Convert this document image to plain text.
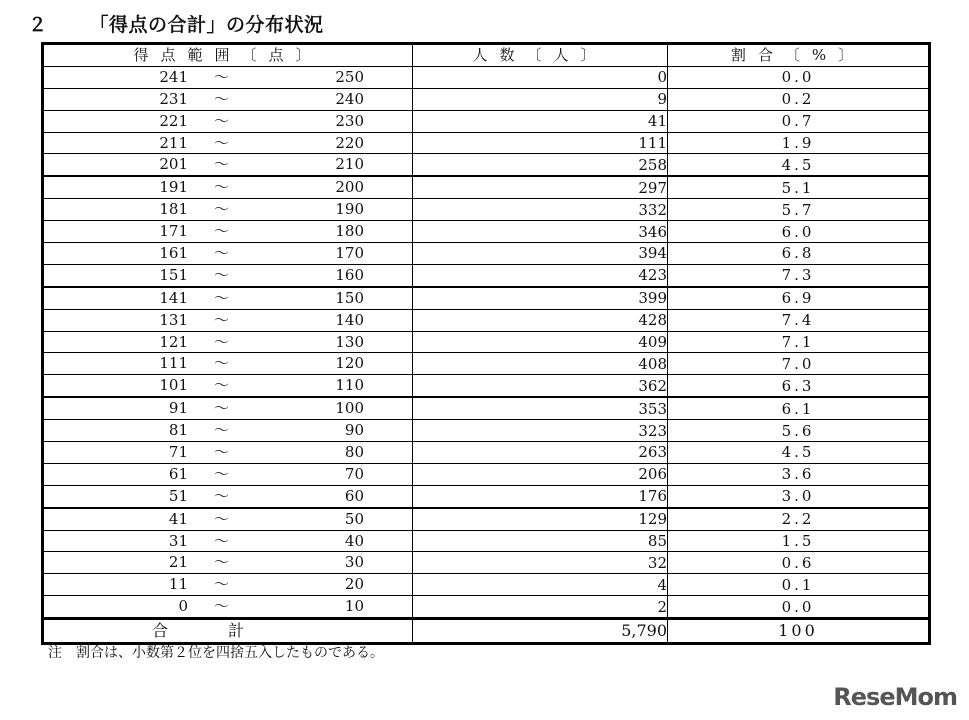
２ 「得点の合計」の分布状況
得点範囲〔点〕	人数〔人〕	割合〔%〕

241 ～ 250	0	0.0

231 ～ 240	9	0.2

221 ～ 230	41	0.7

211 ～ 220	111	1.9

201 ～ 210	258	4.5

191 ～ 200	297	5.1

181 ～ 190	332	5.7

171 ～ 180	346	6.0

161 ～ 170	394	6.8

151 ～ 160	423	7.3

141 ～ 150	399	6.9

131 ～ 140	428	7.4

121 ～ 130	409	7.1

111 ～ 120	408	7.0

101 ～ 110	362	6.3

91 ～ 100	353	6.1

81 ～ 90	323	5.6

71 ～ 80	263	4.5

61 ～ 70	206	3.6

51 ～ 60	176	3.0

41 ～ 50	129	2.2

31 ～ 40	85	1.5

21 ～ 30	32	0.6

11 ～ 20	4	0.1

0 ～ 10	2	0.0
合計	5,790	100
注　割合は、小数第２位を四捨五入したものである。
ReseMom
